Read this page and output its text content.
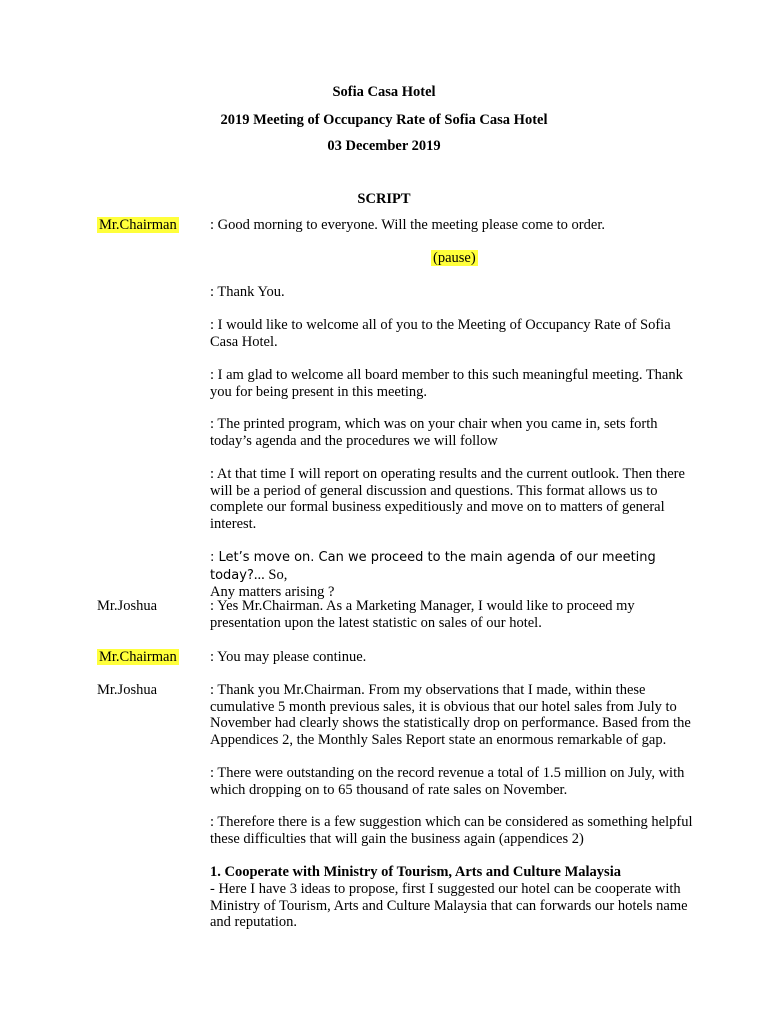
Sofia Casa Hotel
2019 Meeting of Occupancy Rate of Sofia Casa Hotel
03 December 2019
SCRIPT
Mr.Chairman : Good morning to everyone. Will the meeting please come to order.
(pause)
: Thank You.
: I would like to welcome all of you to the Meeting of Occupancy Rate of Sofia Casa Hotel.
: I am glad to welcome all board member to this such meaningful meeting. Thank you for being present in this meeting.
: The printed program, which was on your chair when you came in, sets forth today’s agenda and the procedures we will follow
: At that time I will report on operating results and the current outlook. Then there will be a period of general discussion and questions. This format allows us to complete our formal business expeditiously and move on to matters of general interest.
: Let’s move on. Can we proceed to the main agenda of our meeting today?... So,
Any matters arising ?
Mr.Joshua	: Yes Mr.Chairman. As a Marketing Manager, I would like to proceed my presentation upon the latest statistic on sales of our hotel.
Mr.Chairman : You may please continue.
Mr.Joshua	: Thank you Mr.Chairman. From my observations that I made, within these cumulative 5 month previous sales, it is obvious that our hotel sales from July to November had clearly shows the statistically drop on performance. Based from the Appendices 2, the Monthly Sales Report state an enormous remarkable of gap.
: There were outstanding on the record revenue a total of 1.5 million on July, with which dropping on to 65 thousand of rate sales on November.
: Therefore there is a few suggestion which can be considered as something helpful these difficulties that will gain the business again (appendices 2)
1. Cooperate with Ministry of Tourism, Arts and Culture Malaysia
- Here I have 3 ideas to propose, first I suggested our hotel can be cooperate with Ministry of Tourism, Arts and Culture Malaysia that can forwards our hotels name and reputation.
